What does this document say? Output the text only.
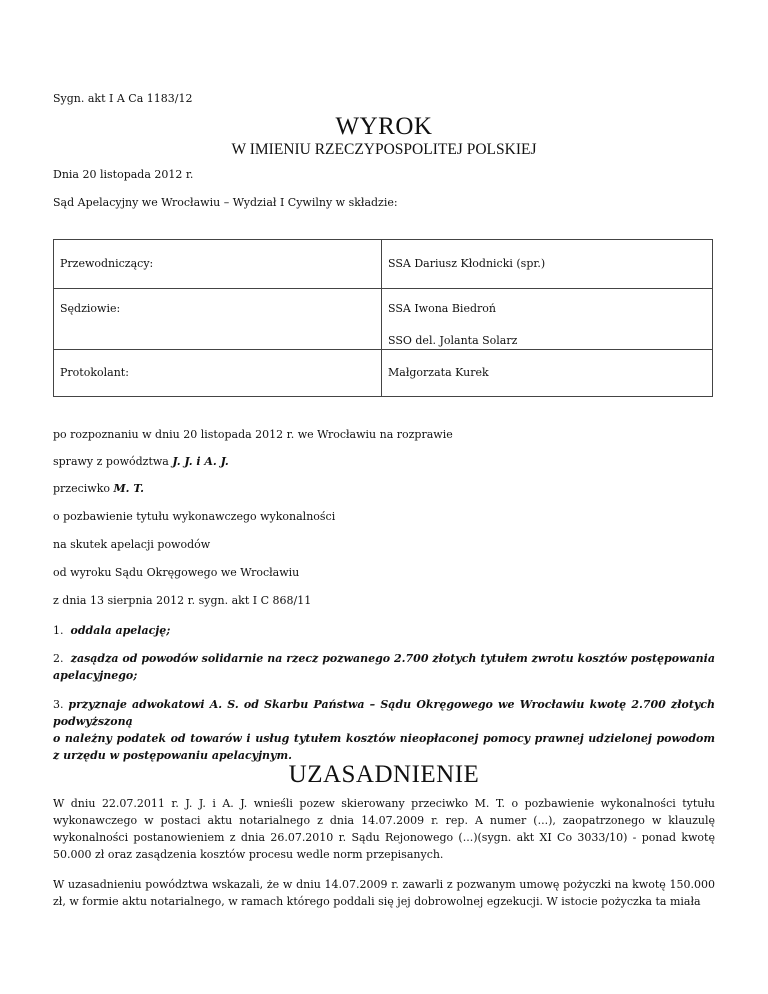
Sygn. akt I A Ca 1183/12
WYROK
W IMIENIU RZECZYPOSPOLITEJ POLSKIEJ
Dnia 20 listopada 2012 r.
Sąd Apelacyjny we Wrocławiu – Wydział I Cywilny w składzie:
Przewodniczący:	SSA Dariusz Kłodnicki (spr.)

Sędziowie:	SSA Iwona Biedroń
SSO del. Jolanta Solarz

Protokolant:	Małgorzata Kurek
po rozpoznaniu w dniu 20 listopada 2012 r. we Wrocławiu na rozprawie
sprawy z powództwa J. J. i A. J.
przeciwko M. T.
o pozbawienie tytułu wykonawczego wykonalności
na skutek apelacji powodów
od wyroku Sądu Okręgowego we Wrocławiu
z dnia 13 sierpnia 2012 r. sygn. akt I C 868/11
1. oddala apelację;
2. zasądza od powodów solidarnie na rzecz pozwanego 2.700 złotych tytułem zwrotu kosztów postępowania apelacyjnego;
3. przyznaje adwokatowi A. S. od Skarbu Państwa – Sądu Okręgowego we Wrocławiu kwotę 2.700 złotych podwyższoną
o należny podatek od towarów i usług tytułem kosztów nieopłaconej pomocy prawnej udzielonej powodom z urzędu w postępowaniu apelacyjnym.
UZASADNIENIE
W dniu 22.07.2011 r. J. J. i A. J. wnieśli pozew skierowany przeciwko M. T. o pozbawienie wykonalności tytułu wykonawczego w postaci aktu notarialnego z dnia 14.07.2009 r. rep. A numer (...), zaopatrzonego w klauzulę wykonalności postanowieniem z dnia 26.07.2010 r. Sądu Rejonowego (...)(sygn. akt XI Co 3033/10) - ponad kwotę 50.000 zł oraz zasądzenia kosztów procesu wedle norm przepisanych.
W uzasadnieniu powództwa wskazali, że w dniu 14.07.2009 r. zawarli z pozwanym umowę pożyczki na kwotę 150.000 zł, w formie aktu notarialnego, w ramach którego poddali się jej dobrowolnej egzekucji. W istocie pożyczka ta miała
